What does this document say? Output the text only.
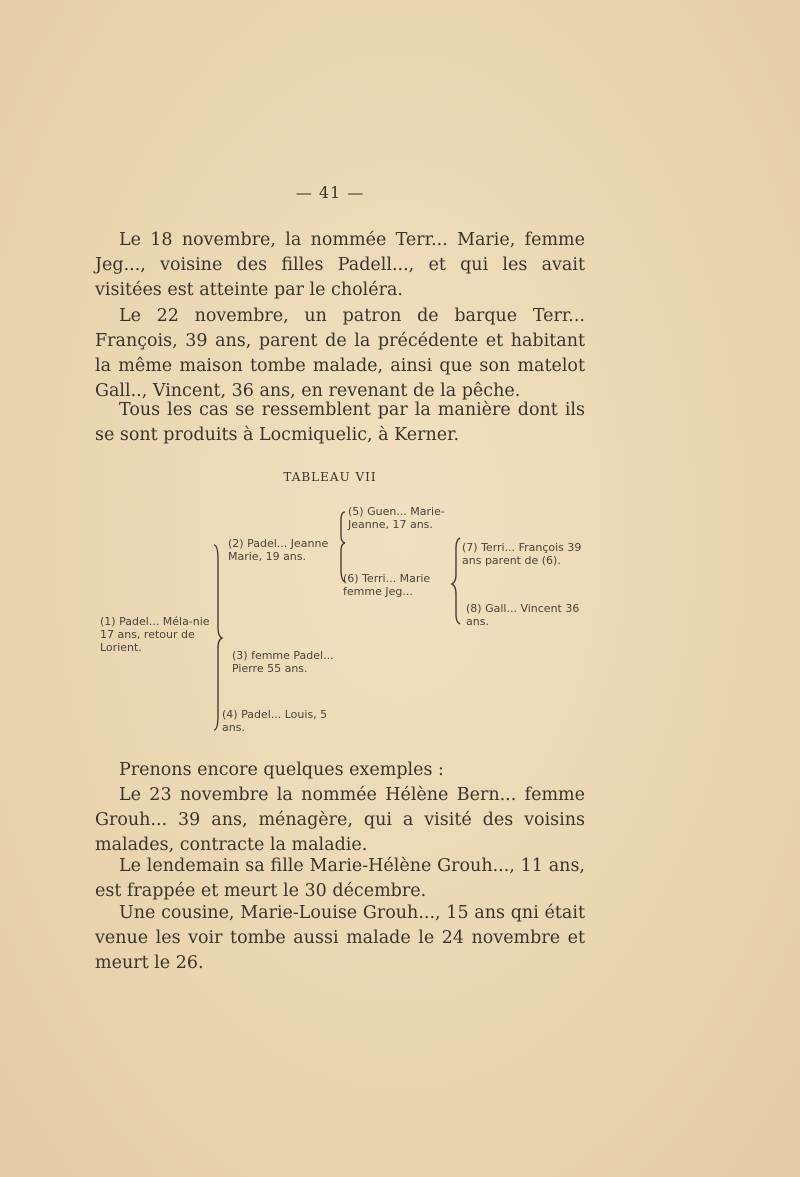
— 41 —

Le 18 novembre, la nommée Terr... Marie, femme Jeg..., voisine des filles Padell..., et qui les avait visitées est atteinte par le choléra.

Le 22 novembre, un patron de barque Terr... François, 39 ans, parent de la précédente et habitant la même maison tombe malade, ainsi que son matelot Gall.., Vincent, 36 ans, en revenant de la pêche.

Tous les cas se ressemblent par la manière dont ils se sont produits à Locmiquelic, à Kerner.

TABLEAU VII

(1) Padel... Méla-nie 17 ans, retour de Lorient.

(2) Padel... Jeanne Marie, 19 ans.

(3) femme Padel... Pierre 55 ans.

(4) Padel... Louis, 5 ans.

(5) Guen... Marie-Jeanne, 17 ans.

(6) Terri... Marie femme Jeg...

(7) Terri... François 39 ans parent de (6).

(8) Gall... Vincent 36 ans.

Prenons encore quelques exemples :

Le 23 novembre la nommée Hélène Bern... femme Grouh... 39 ans, ménagère, qui a visité des voisins malades, contracte la maladie.

Le lendemain sa fille Marie-Hélène Grouh..., 11 ans, est frappée et meurt le 30 décembre.

Une cousine, Marie-Louise Grouh..., 15 ans qni était venue les voir tombe aussi malade le 24 novembre et meurt le 26.
